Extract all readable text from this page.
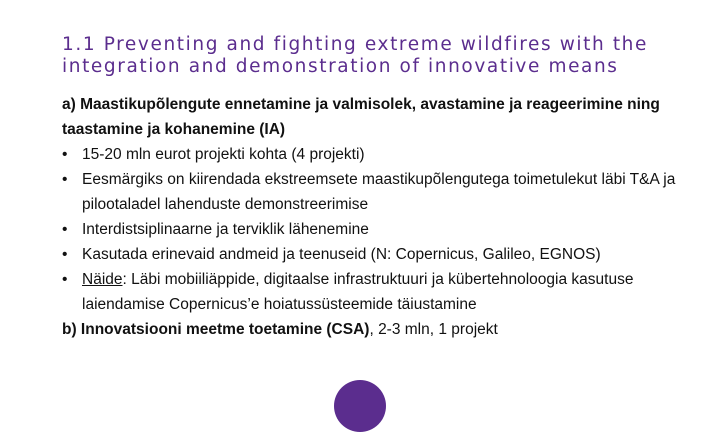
1.1 Preventing and fighting extreme wildfires with the
integration and demonstration of innovative means

a) Maastikupõlengute ennetamine ja valmisolek, avastamine ja reageerimine ning taastamine ja kohanemine (IA)

• 15-20 mln eurot projekti kohta (4 projekti)
• Eesmärgiks on kiirendada ekstreemsete maastikupõlengutega toimetulekut läbi T&A ja pilootaladel lahenduste demonstreerimise
• Interdistsiplinaarne ja terviklik lähenemine
• Kasutada erinevaid andmeid ja teenuseid (N: Copernicus, Galileo, EGNOS)
• Näide: Läbi mobiiliäppide, digitaalse infrastruktuuri ja kübertehnoloogia kasutuse laiendamise Copernicus’e hoiatussüsteemide täiustamine

b) Innovatsiooni meetme toetamine (CSA), 2-3 mln, 1 projekt
